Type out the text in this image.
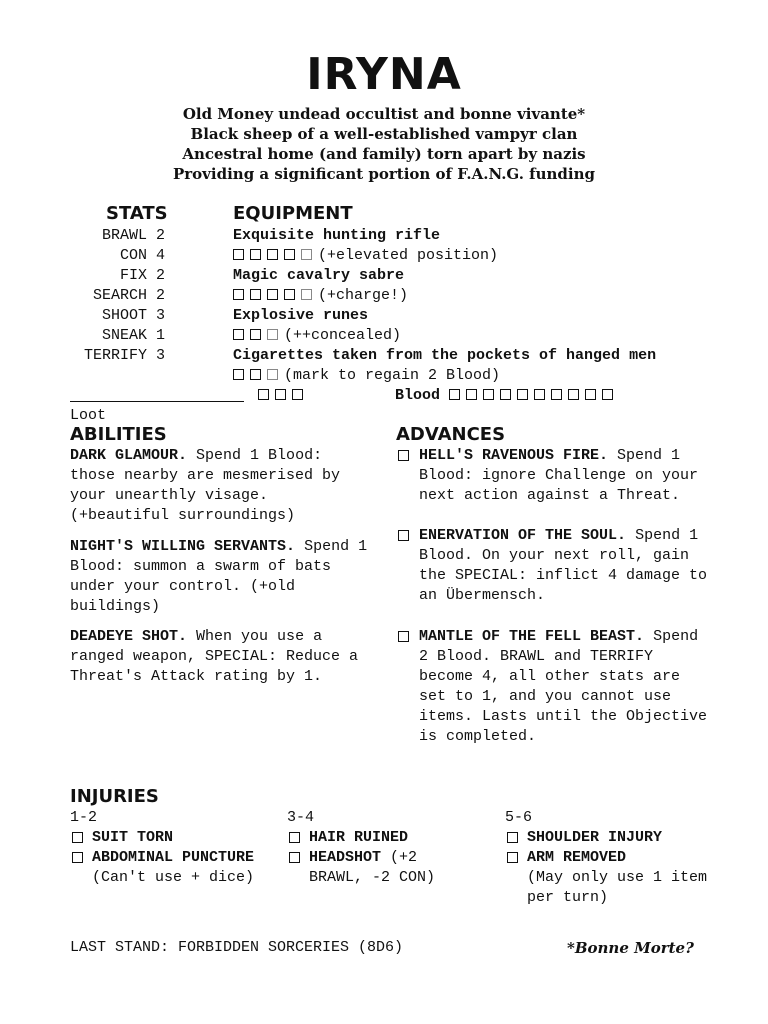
IRYNA
Old Money undead occultist and bonne vivante*
Black sheep of a well-established vampyr clan
Ancestral home (and family) torn apart by nazis
Providing a significant portion of F.A.N.G. funding
STATS
BRAWL 2
CON 4
FIX 2
SEARCH 2
SHOOT 3
SNEAK 1
TERRIFY 3
EQUIPMENT
Exquisite hunting rifle
(+elevated position)
Magic cavalry sabre
(+charge!)
Explosive runes
(++concealed)
Cigarettes taken from the pockets of hanged men
(mark to regain 2 Blood)
Loot
Blood
ABILITIES
DARK GLAMOUR. Spend 1 Blood: those nearby are mesmerised by your unearthly visage. (+beautiful surroundings)
NIGHT'S WILLING SERVANTS. Spend 1 Blood: summon a swarm of bats under your control. (+old buildings)
DEADEYE SHOT. When you use a ranged weapon, SPECIAL: Reduce a Threat's Attack rating by 1.
ADVANCES
HELL'S RAVENOUS FIRE. Spend 1 Blood: ignore Challenge on your next action against a Threat.
ENERVATION OF THE SOUL. Spend 1 Blood. On your next roll, gain the SPECIAL: inflict 4 damage to an Übermensch.
MANTLE OF THE FELL BEAST. Spend 2 Blood. BRAWL and TERRIFY become 4, all other stats are set to 1, and you cannot use items. Lasts until the Objective is completed.
INJURIES
1-2
SUIT TORN
ABDOMINAL PUNCTURE (Can't use + dice)
3-4
HAIR RUINED
HEADSHOT (+2 BRAWL, -2 CON)
5-6
SHOULDER INJURY
ARM REMOVED
(May only use 1 item per turn)
LAST STAND: FORBIDDEN SORCERIES (8D6)	*Bonne Morte?
